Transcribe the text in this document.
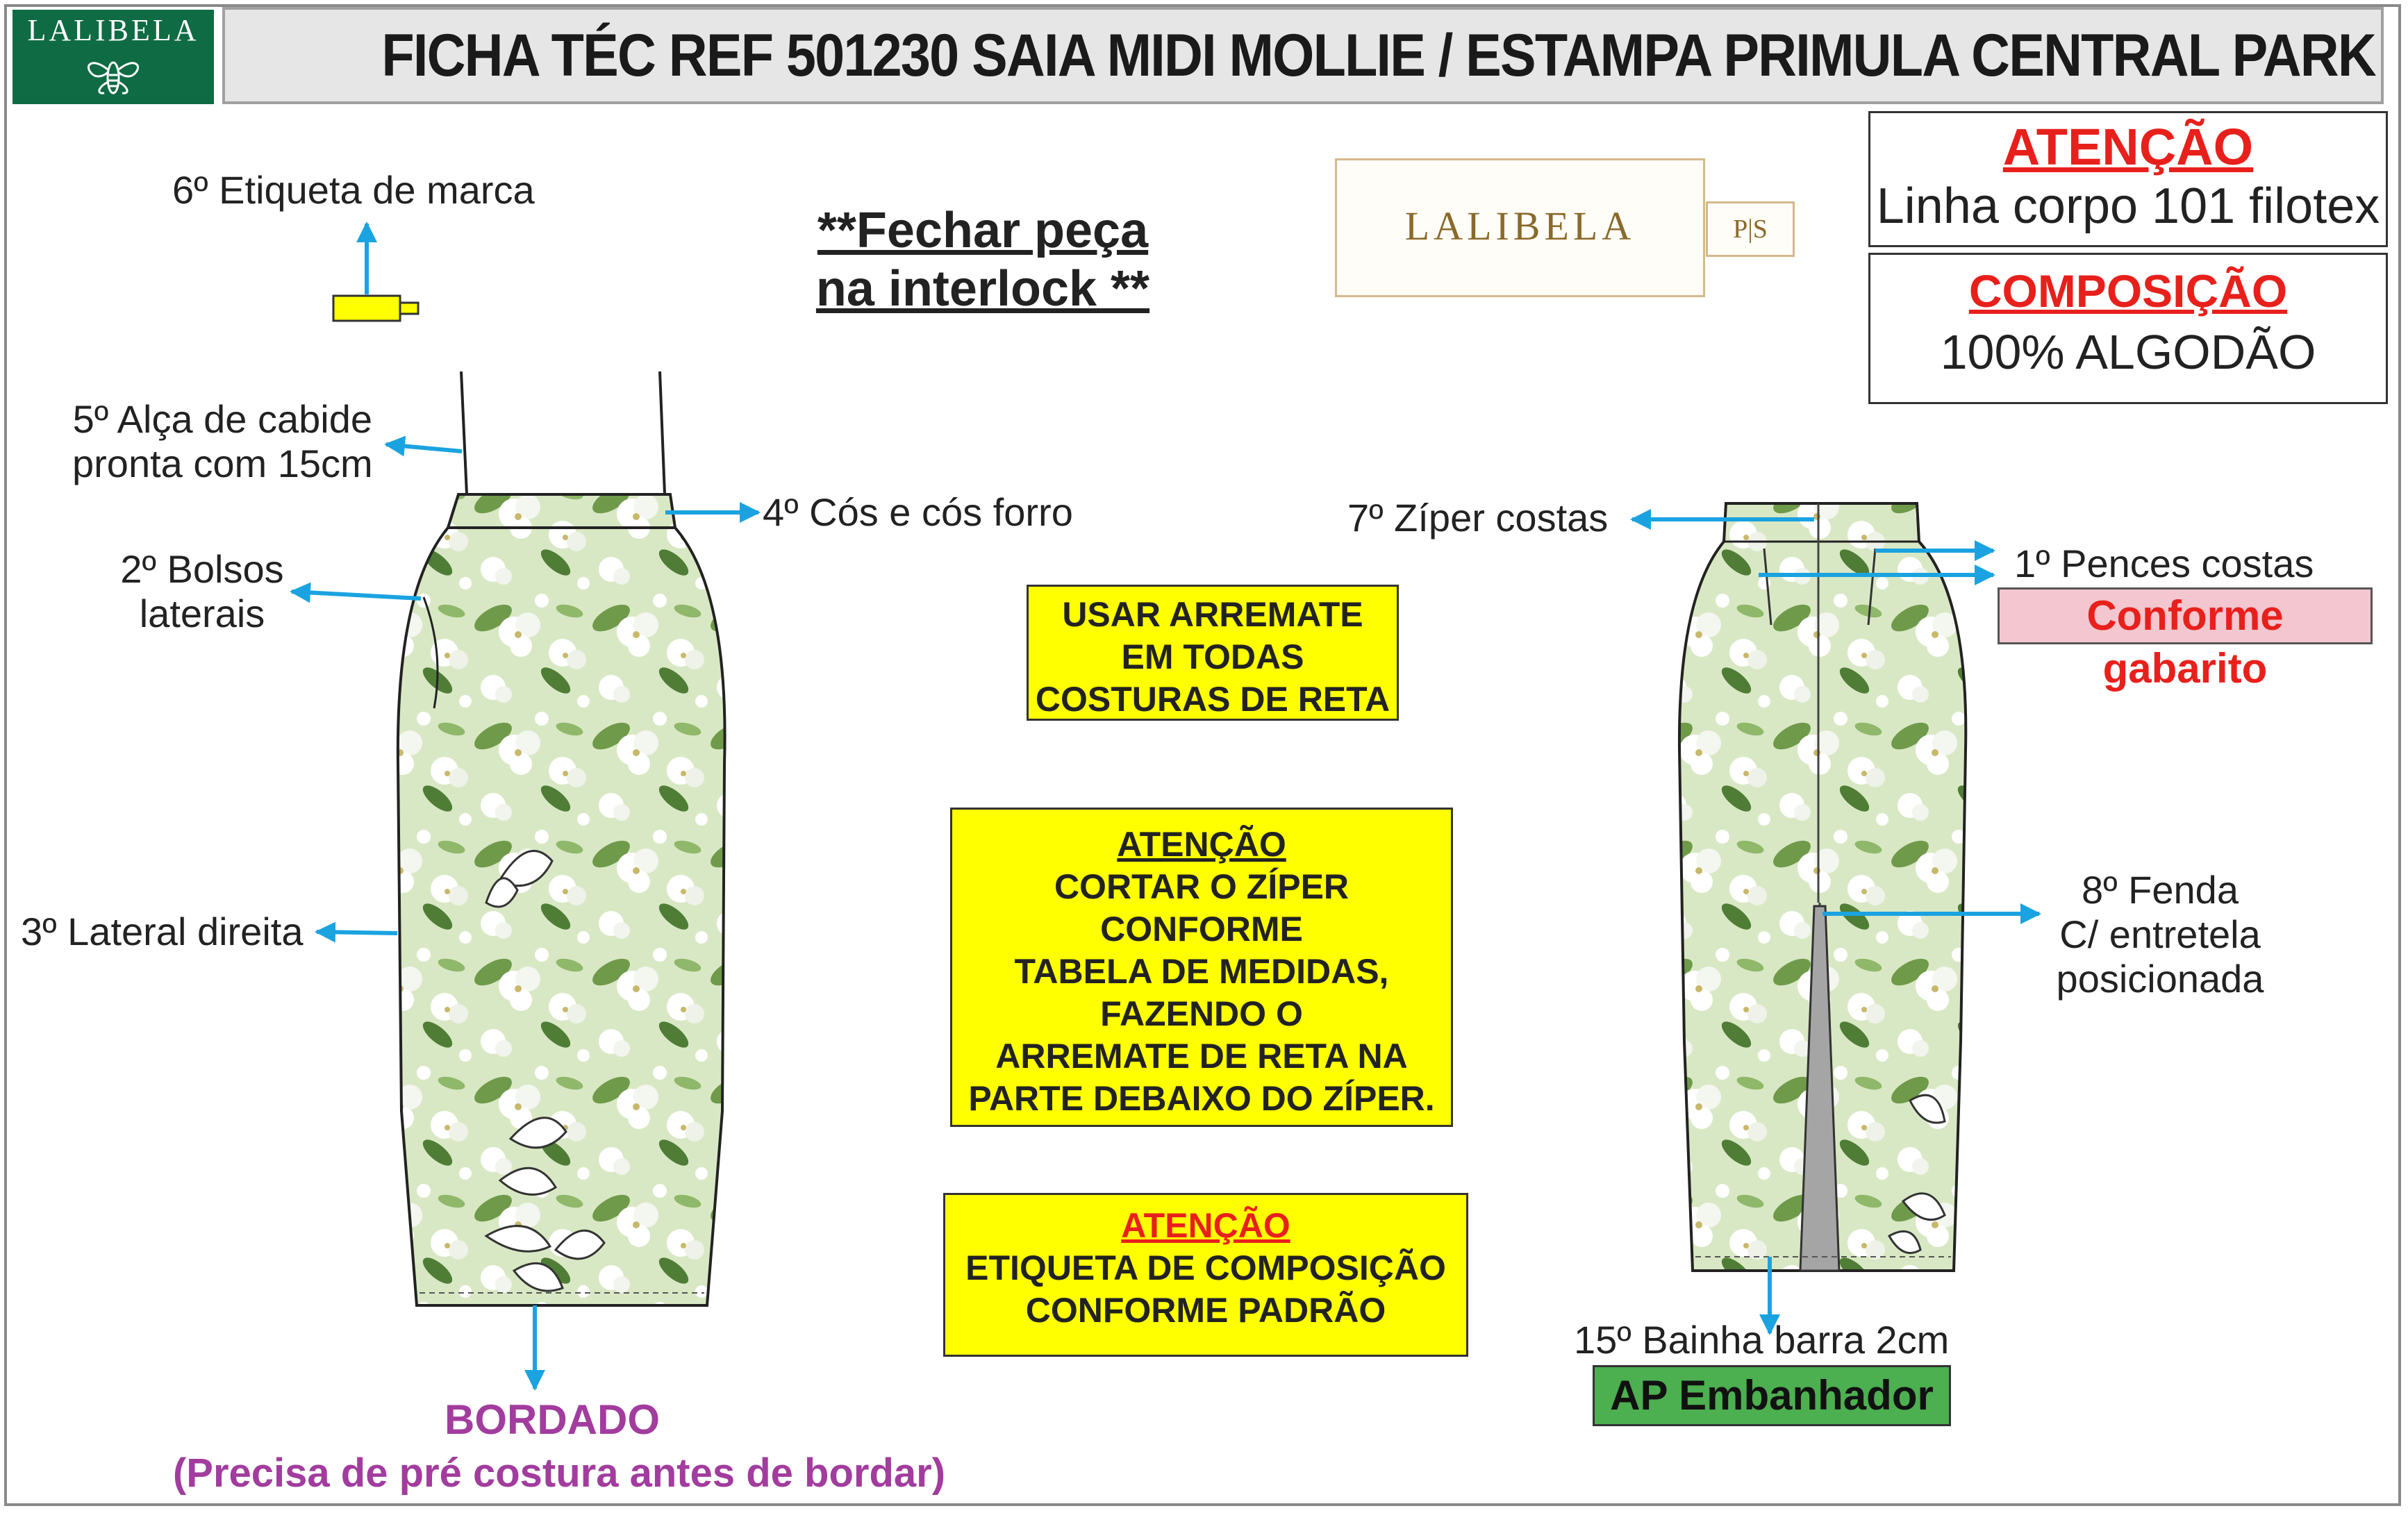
FICHA TÉC REF 501230 SAIA MIDI MOLLIE / ESTAMPA PRIMULA CENTRAL PARK
LALIBELA
LALIBELA	P|S
**Fechar peça
na interlock **
ATENÇÃO
Linha corpo 101 filotex
COMPOSIÇÃO
100% ALGODÃO
USAR ARREMATE
EM TODAS
COSTURAS DE RETA
ATENÇÃO
CORTAR O ZÍPER
CONFORME
TABELA DE MEDIDAS,
FAZENDO O
ARREMATE DE RETA NA
PARTE DEBAIXO DO ZÍPER.
ATENÇÃO
ETIQUETA DE COMPOSIÇÃO
CONFORME PADRÃO
6º Etiqueta de marca
5º Alça de cabide
pronta com 15cm
4º Cós e cós forro
2º Bolsos
laterais
3º Lateral direita
BORDADO
(Precisa de pré costura antes de bordar)
7º Zíper costas
1º Pences costas
Conforme gabarito
8º Fenda
C/ entretela
posicionada
15º Bainha barra 2cm
AP Embanhador
